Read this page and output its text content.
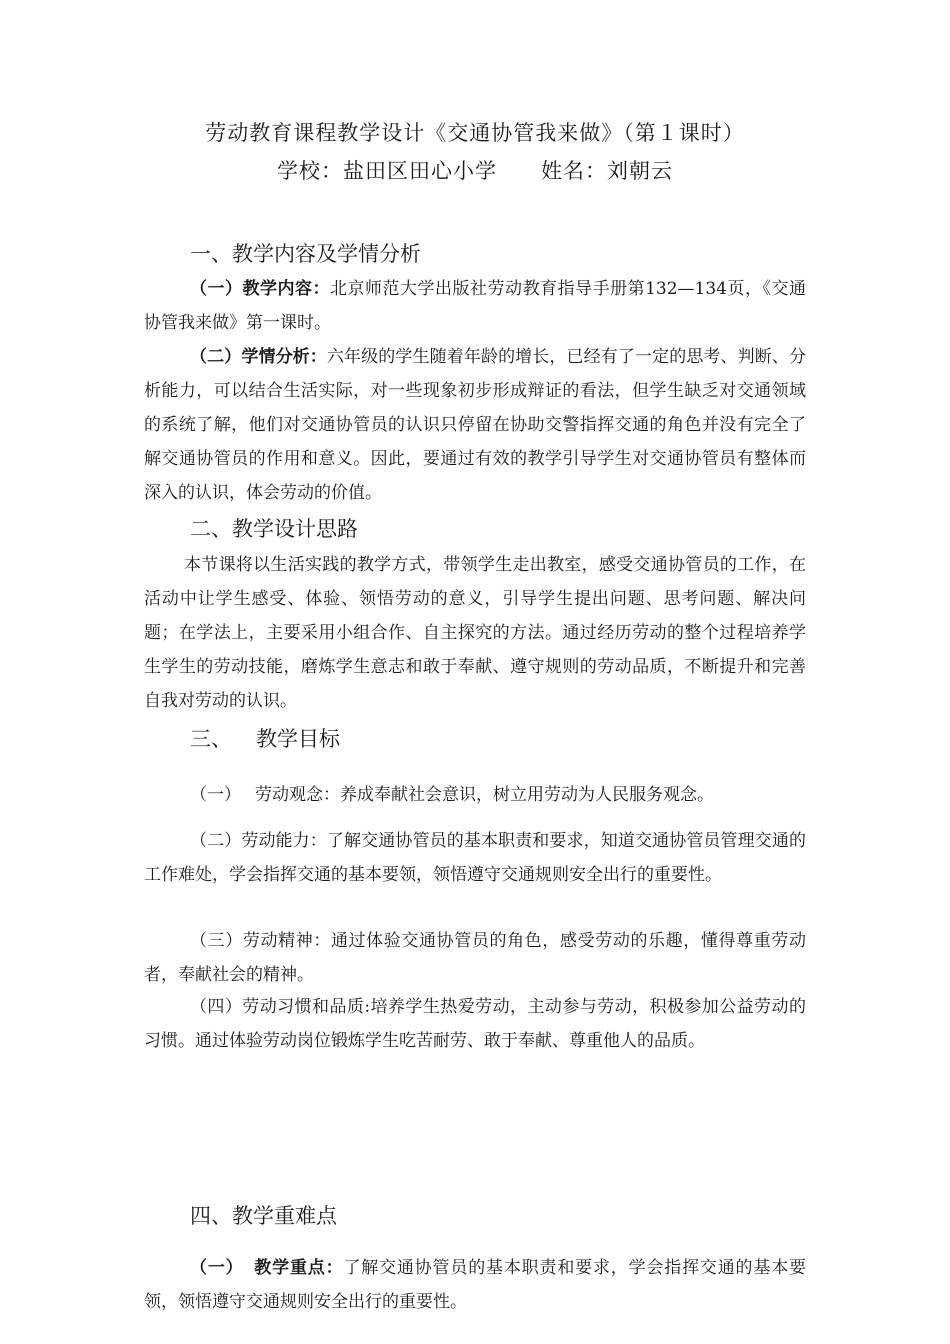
劳动教育课程教学设计《交通协管我来做》（第１课时）
学校：盐田区田心小学 姓名：刘朝云
一、教学内容及学情分析
（一）教学内容：北京师范大学出版社劳动教育指导手册第132—134页，《交通协管我来做》第一课时。
（二）学情分析：六年级的学生随着年龄的增长，已经有了一定的思考、判断、分析能力，可以结合生活实际，对一些现象初步形成辩证的看法，但学生缺乏对交通领域的系统了解，他们对交通协管员的认识只停留在协助交警指挥交通的角色并没有完全了解交通协管员的作用和意义。因此，要通过有效的教学引导学生对交通协管员有整体而深入的认识，体会劳动的价值。
二、教学设计思路
本节课将以生活实践的教学方式，带领学生走出教室，感受交通协管员的工作，在活动中让学生感受、体验、领悟劳动的意义，引导学生提出问题、思考问题、解决问题；在学法上，主要采用小组合作、自主探究的方法。通过经历劳动的整个过程培养学生学生的劳动技能，磨炼学生意志和敢于奉献、遵守规则的劳动品质，不断提升和完善自我对劳动的认识。
三、 教学目标
（一） 劳动观念：养成奉献社会意识，树立用劳动为人民服务观念。
（二）劳动能力：了解交通协管员的基本职责和要求，知道交通协管员管理交通的工作难处，学会指挥交通的基本要领，领悟遵守交通规则安全出行的重要性。
（三）劳动精神：通过体验交通协管员的角色，感受劳动的乐趣，懂得尊重劳动者，奉献社会的精神。
（四）劳动习惯和品质:培养学生热爱劳动，主动参与劳动，积极参加公益劳动的习惯。通过体验劳动岗位锻炼学生吃苦耐劳、敢于奉献、尊重他人的品质。
四、教学重难点
（一） 教学重点：了解交通协管员的基本职责和要求，学会指挥交通的基本要领，领悟遵守交通规则安全出行的重要性。
